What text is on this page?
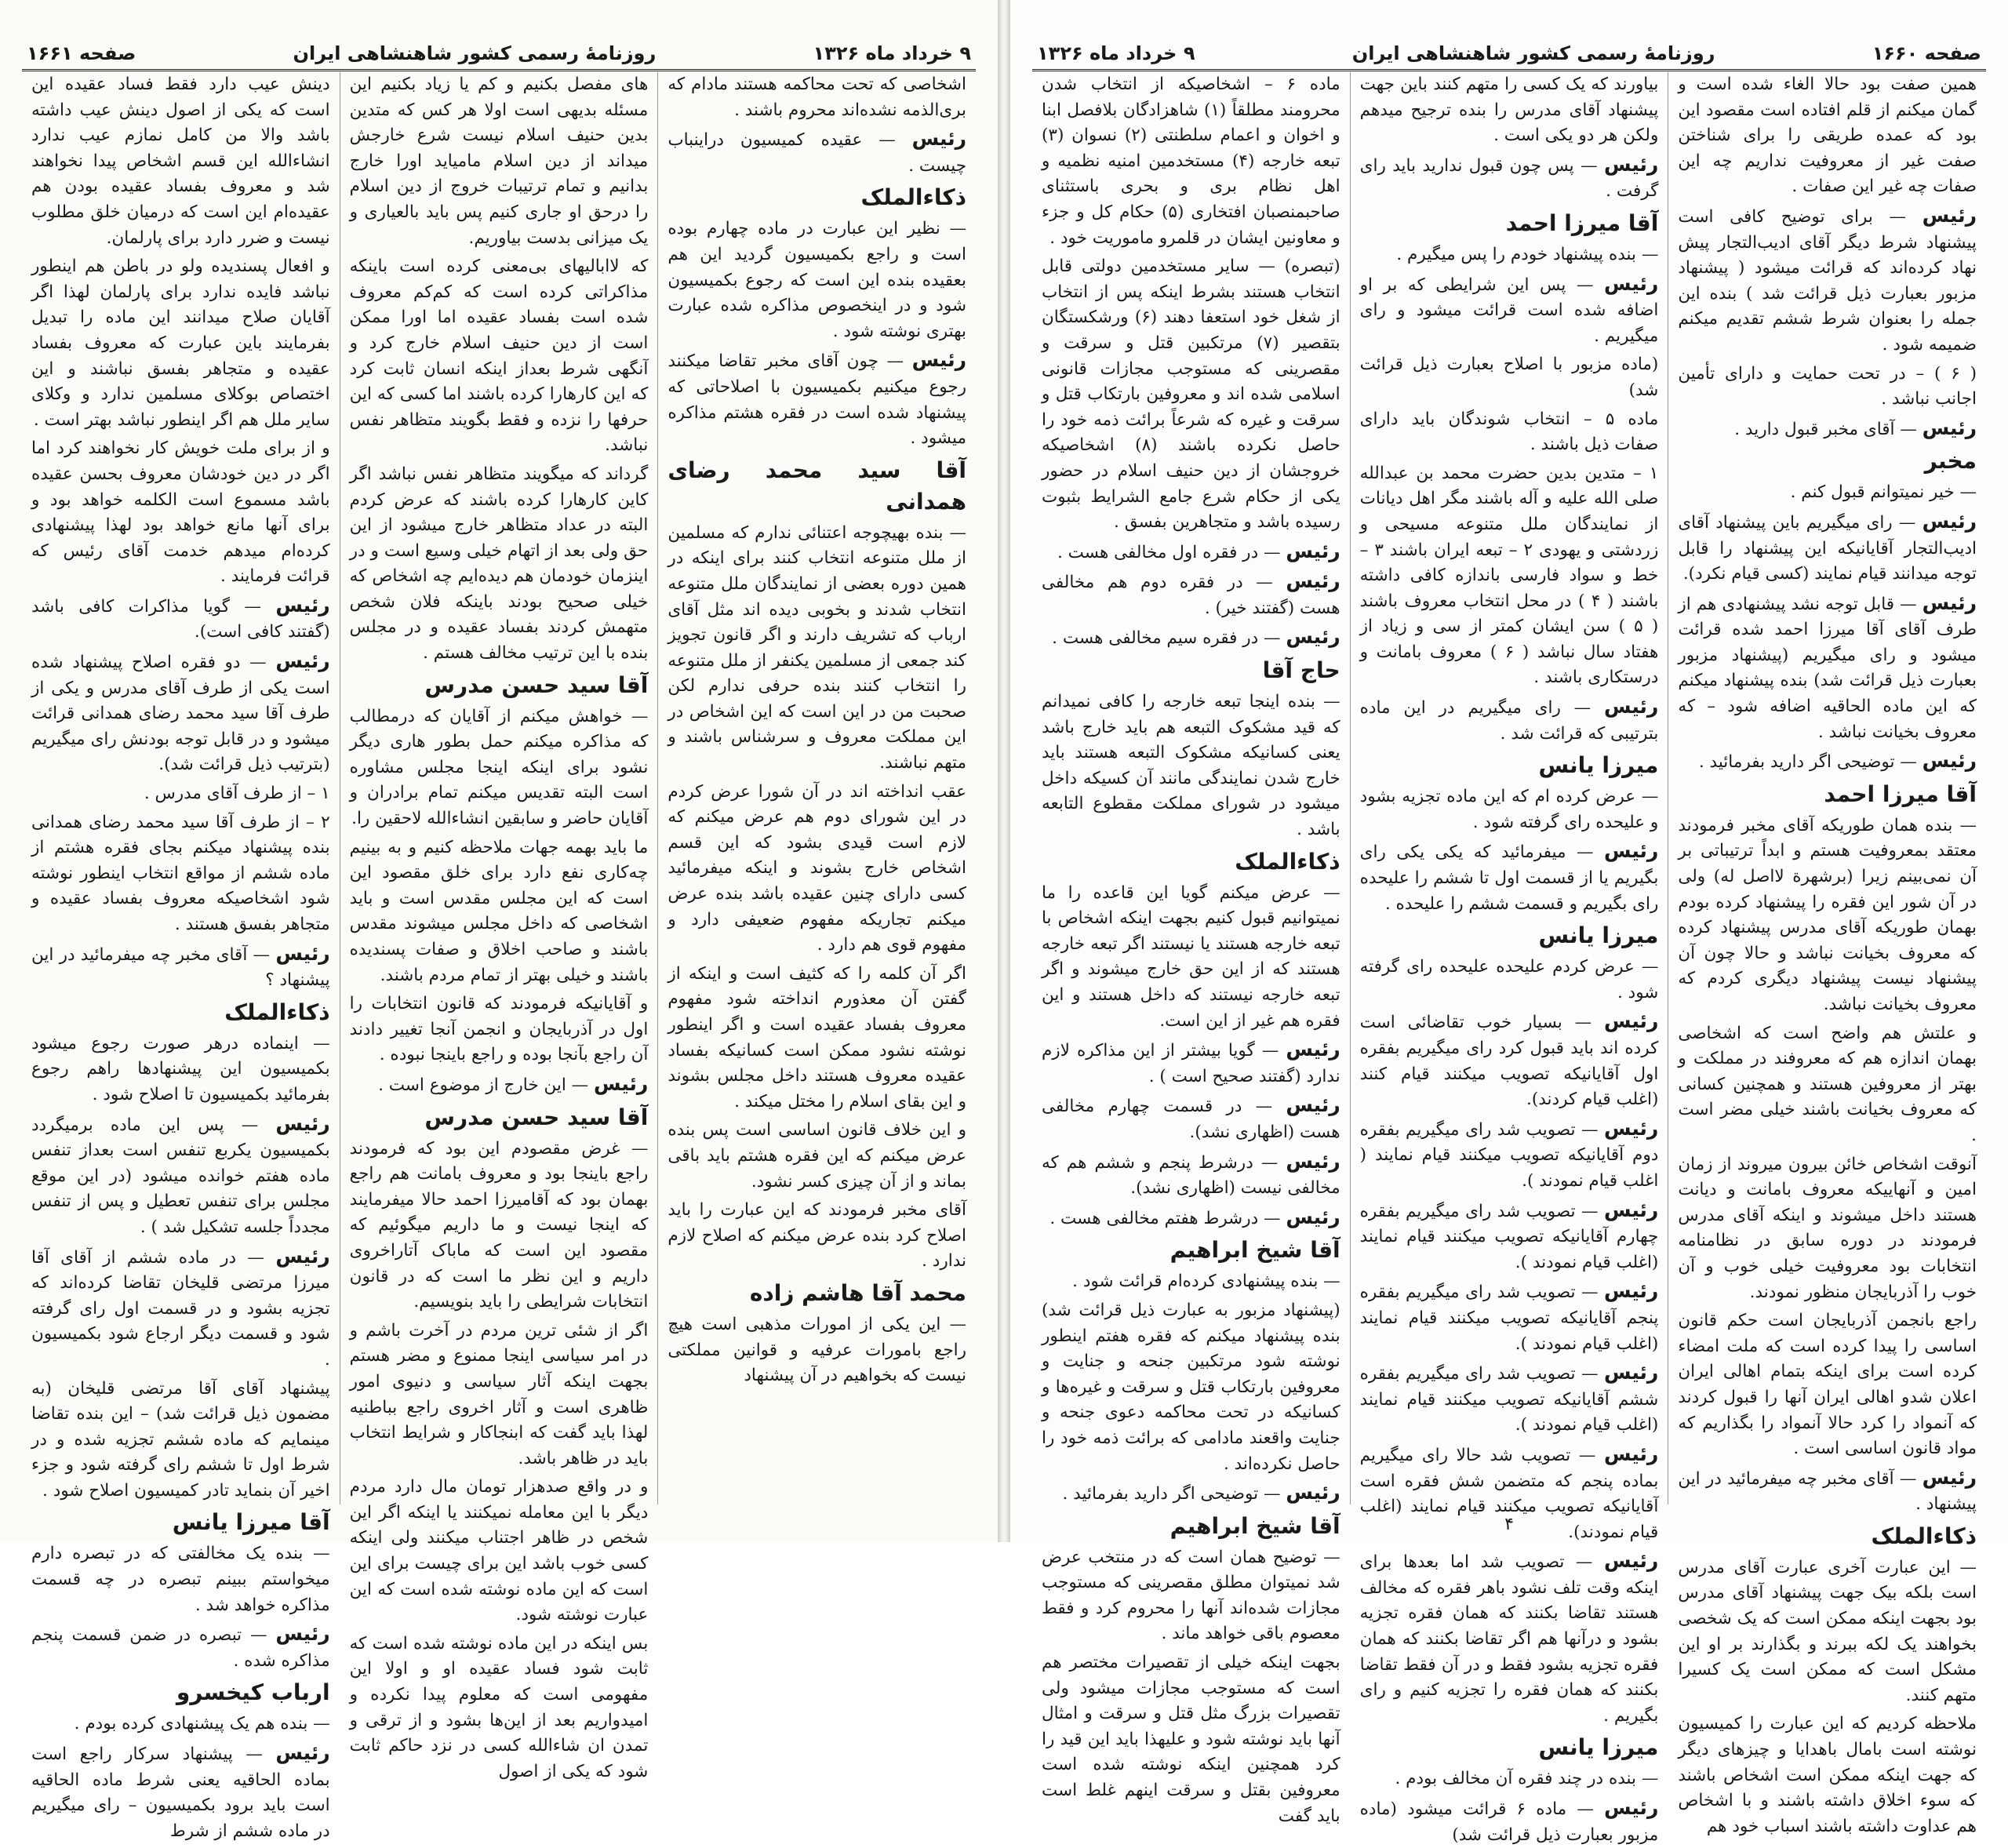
۹ خرداد ماه ۱۳۲۶
روزنامهٔ رسمی کشور شاهنشاهی ایران
صفحه ۱۶۶۱

اشخاصی که تحت محاکمه هستند مادام که بری‌الذمه نشده‌اند محروم باشند .

رئیس — عقیده کمیسیون دراینباب چیست .

ذکاءالملک

— نظیر این عبارت در ماده چهارم بوده است و راجع بکمیسیون گردید این هم بعقیده بنده این است که رجوع بکمیسیون شود و در اینخصوص مذاکره شده عبارت بهتری نوشته شود .

رئیس — چون آقای مخبر تقاضا میکنند رجوع میکنیم بکمیسیون با اصلاحاتی که پیشنهاد شده است در فقره هشتم مذاکره میشود .

آقا سید محمد رضای همدانی

— بنده بهیچوجه اعتنائی ندارم که مسلمین از ملل متنوعه انتخاب کنند برای اینکه در همین دوره بعضی از نمایندگان ملل متنوعه انتخاب شدند و بخوبی دیده اند مثل آقای ارباب که تشریف دارند و اگر قانون تجویز کند جمعی از مسلمین یکنفر از ملل متنوعه را انتخاب کنند بنده حرفی ندارم لکن صحبت من در این است که این اشخاص در این مملکت معروف و سرشناس باشند و متهم نباشند.

عقب انداخته اند در آن شورا عرض کردم در این شورای دوم هم عرض میکنم که لازم است قیدی بشود که این قسم اشخاص خارج بشوند و اینکه میفرمائید کسی دارای چنین عقیده باشد بنده عرض میکنم تجاریکه مفهوم ضعیفی دارد و مفهوم قوی هم دارد .

اگر آن کلمه را که کثیف است و اینکه از گفتن آن معذورم انداخته شود مفهوم معروف بفساد عقیده است و اگر اینطور نوشته نشود ممکن است کسانیکه بفساد عقیده معروف هستند داخل مجلس بشوند و این بقای اسلام را مختل میکند .

و این خلاف قانون اساسی است پس بنده عرض میکنم که این فقره هشتم باید باقی بماند و از آن چیزی کسر نشود.

آقای مخبر فرمودند که این عبارت را باید اصلاح کرد بنده عرض میکنم که اصلاح لازم ندارد .

محمد آقا هاشم زاده

— این یکی از امورات مذهبی است هیچ راجع بامورات عرفیه و قوانین مملکتی نیست که بخواهیم در آن پیشنهاد

های مفصل بکنیم و کم یا زیاد بکنیم این مسئله بدیهی است اولا هر کس که متدین بدین حنیف اسلام نیست شرع خارجش میداند از دین اسلام مامیاید اورا خارج بدانیم و تمام ترتیبات خروج از دین اسلام را درحق او جاری کنیم پس باید بالعیاری و یک میزانی بدست بیاوریم.

که لاابالیهای بی‌معنی کرده است باینکه مذاکراتی کرده است که کم‌کم معروف شده است بفساد عقیده اما اورا ممکن است از دین حنیف اسلام خارج کرد و آنگهی شرط بعداز اینکه انسان ثابت کرد که این کارهارا کرده باشند اما کسی که این حرفها را نزده و فقط بگویند متظاهر نفس نباشد.

گرداند که میگویند متظاهر نفس نباشد اگر کاین کارهارا کرده باشند که عرض کردم البته در عداد متظاهر خارج میشود از این حق ولی بعد از اتهام خیلی وسیع است و در اینزمان خودمان هم دیده‌ایم چه اشخاص که خیلی صحیح بودند باینکه فلان شخص متهمش کردند بفساد عقیده و در مجلس بنده با این ترتیب مخالف هستم .

آقا سید حسن مدرس

— خواهش میکنم از آقایان که درمطالب که مذاکره میکنم حمل بطور هاری دیگر نشود برای اینکه اینجا مجلس مشاوره است البته تقدیس میکنم تمام برادران و آقایان حاضر و سابقین انشاءالله لاحقین را.

ما باید بهمه جهات ملاحظه کنیم و به بینیم چه‌کاری نفع دارد برای خلق مقصود این است که این مجلس مقدس است و باید اشخاصی که داخل مجلس میشوند مقدس باشند و صاحب اخلاق و صفات پسندیده باشند و خیلی بهتر از تمام مردم باشند.

و آقایانیکه فرمودند که قانون انتخابات را اول در آذربایجان و انجمن آنجا تغییر دادند آن راجع بآنجا بوده و راجع باینجا نبوده .

رئیس — این خارج از موضوع است .

آقا سید حسن مدرس

— غرض مقصودم این بود که فرمودند راجع باینجا بود و معروف بامانت هم راجع بهمان بود که آقامیرزا احمد حالا میفرمایند که اینجا نیست و ما داریم میگوئیم که مقصود این است که ماباک آتاراخروی داریم و این نظر ما است که در قانون انتخابات شرایطی را باید بنویسیم.

اگر از شئی ترین مردم در آخرت باشم و در امر سیاسی اینجا ممنوع و مضر هستم بجهت اینکه آثار سیاسی و دنیوی امور ظاهری است و آثار اخروی راجع بباطنیه لهذا باید گفت که ابنجاکار و شرایط انتخاب باید در ظاهر باشد.

و در واقع صدهزار تومان مال دارد مردم دیگر با این معامله نمیکنند یا اینکه اگر این شخص در ظاهر اجتناب میکنند ولی اینکه کسی خوب باشد این برای چیست برای این است که این ماده نوشته شده است که این عبارت نوشته شود.

بس اینکه در این ماده نوشته شده است که ثابت شود فساد عقیده او و اولا این مفهومی است که معلوم پیدا نکرده و امیدواریم بعد از این‌ها بشود و از ترقی و تمدن ان شاءالله کسی در نزد حاکم ثابت شود که یکی از اصول

دینش عیب دارد فقط فساد عقیده این است که یکی از اصول دینش عیب داشته باشد والا من کامل نمازم عیب ندارد انشاءالله این قسم اشخاص پیدا نخواهند شد و معروف بفساد عقیده بودن هم عقیده‌ام این است که درمیان خلق مطلوب نیست و ضرر دارد برای پارلمان.

و افعال پسندیده ولو در باطن هم اینطور نباشد فایده ندارد برای پارلمان لهذا اگر آقایان صلاح میدانند این ماده را تبدیل بفرمایند باین عبارت که معروف بفساد عقیده و متجاهر بفسق نباشند و این اختصاص بوکلای مسلمین ندارد و وکلای سایر ملل هم اگر اینطور نباشد بهتر است .

و از برای ملت خویش کار نخواهند کرد اما اگر در دین خودشان معروف بحسن عقیده باشد مسموع است الکلمه خواهد بود و برای آنها مانع خواهد بود لهذا پیشنهادی کرده‌ام میدهم خدمت آقای رئیس که قرائت فرمایند .

رئیس — گویا مذاکرات کافی باشد (گفتند کافی است).

رئیس — دو فقره اصلاح پیشنهاد شده است یکی از طرف آقای مدرس و یکی از طرف آقا سید محمد رضای همدانی قرائت میشود و در قابل توجه بودنش رای میگیریم (بترتیب ذیل قرائت شد).

۱ – از طرف آقای مدرس .

۲ – از طرف آقا سید محمد رضای همدانی بنده پیشنهاد میکنم بجای فقره هشتم از ماده ششم از مواقع انتخاب اینطور نوشته شود اشخاصیکه معروف بفساد عقیده و متجاهر بفسق هستند .

رئیس — آقای مخبر چه میفرمائید در این پیشنهاد ؟

ذکاءالملک

— اینماده درهر صورت رجوع میشود بکمیسیون این پیشنهادها راهم رجوع بفرمائید بکمیسیون تا اصلاح شود .

رئیس — پس این ماده برمیگردد بکمیسیون یکربع تنفس است بعداز تنفس ماده هفتم خوانده میشود (در این موقع مجلس برای تنفس تعطیل و پس از تنفس مجدداً جلسه تشکیل شد ) .

رئیس — در ماده ششم از آقای آقا میرزا مرتضی قلیخان تقاضا کرده‌اند که تجزیه بشود و در قسمت اول رای گرفته شود و قسمت دیگر ارجاع شود بکمیسیون .

پیشنهاد آقای آقا مرتضی قلیخان (به مضمون ذیل قرائت شد) – این بنده تقاضا مینمایم که ماده ششم تجزیه شده و در شرط اول تا ششم رای گرفته شود و جزء اخیر آن بنماید تادر کمیسیون اصلاح شود .

آقا میرزا یانس

— بنده یک مخالفتی که در تبصره دارم میخواستم ببینم تبصره در چه قسمت مذاکره خواهد شد .

رئیس — تبصره در ضمن قسمت پنجم مذاکره شده .

ارباب کیخسرو

— بنده هم یک پیشنهادی کرده بودم .

رئیس — پیشنهاد سرکار راجع است بماده الحاقیه یعنی شرط ماده الحاقیه است باید برود بکمیسیون – رای میگیریم در ماده ششم از شرط

صفحه ۱۶۶۰
روزنامهٔ رسمی کشور شاهنشاهی ایران
۹ خرداد ماه ۱۳۲۶

همین صفت بود حالا الغاء شده است و گمان میکنم از قلم افتاده است مقصود این بود که عمده طریقی را برای شناختن صفت غیر از معروفیت نداریم چه این صفات چه غیر این صفات .

رئیس — برای توضیح کافی است پیشنهاد شرط دیگر آقای ادیب‌التجار پیش نهاد کرده‌اند که قرائت میشود ( پیشنهاد مزبور بعبارت ذیل قرائت شد ) بنده این جمله را بعنوان شرط ششم تقدیم میکنم ضمیمه شود .

( ۶ ) – در تحت حمایت و دارای تأمین اجانب نباشد .

رئیس — آقای مخبر قبول دارید .

مخبر

— خیر نمیتوانم قبول کنم .

رئیس — رای میگیریم باین پیشنهاد آقای ادیب‌التجار آقایانیکه این پیشنهاد را قابل توجه میدانند قیام نمایند (کسی قیام نکرد).

رئیس — قابل توجه نشد پیشنهادی هم از طرف آقای آقا میرزا احمد شده قرائت میشود و رای میگیریم (پیشنهاد مزبور بعبارت ذیل قرائت شد) بنده پیشنهاد میکنم که این ماده الحاقیه اضافه شود – که معروف بخیانت نباشد .

رئیس — توضیحی اگر دارید بفرمائید .

آقا میرزا احمد

— بنده همان طوریکه آقای مخبر فرمودند معتقد بمعروفیت هستم و ابداً ترتیباتی بر آن نمی‌بینم زیرا (برشهرة لااصل له) ولی در آن شور این فقره را پیشنهاد کرده بودم بهمان طوریکه آقای مدرس پیشنهاد کرده که معروف بخیانت نباشد و حالا چون آن پیشنهاد نیست پیشنهاد دیگری کردم که معروف بخیانت نباشد.

و علتش هم واضح است که اشخاصی بهمان اندازه هم که معروفند در مملکت و بهتر از معروفین هستند و همچنین کسانی که معروف بخیانت باشند خیلی مضر است .

آنوقت اشخاص خائن بیرون میروند از زمان امین و آنهاییکه معروف بامانت و دیانت هستند داخل میشوند و اینکه آقای مدرس فرمودند در دوره سابق در نظامنامه انتخابات بود معروفیت خیلی خوب و آن خوب را آذربایجان منظور نمودند.

راجع بانجمن آذربایجان است حکم قانون اساسی را پیدا کرده است که ملت امضاء کرده است برای اینکه بتمام اهالی ایران اعلان شدو اهالی ایران آنها را قبول کردند که آنمواد را کرد حالا آنمواد را بگذاریم که مواد قانون اساسی است .

رئیس — آقای مخبر چه میفرمائید در این پیشنهاد .

ذکاءالملک

— این عبارت آخری عبارت آقای مدرس است بلکه بیک جهت پیشنهاد آقای مدرس بود بجهت اینکه ممکن است که یک شخصی بخواهند یک لکه ببرند و بگذارند بر او این مشکل است که ممکن است یک کسیرا متهم کنند.

ملاحظه کردیم که این عبارت را کمیسیون نوشته است بامال باهدایا و چیزهای دیگر که جهت اینکه ممکن است اشخاص باشند که سوء اخلاق داشته باشند و با اشخاص هم عداوت داشته باشند اسباب خود هم

بیاورند که یک کسی را متهم کنند باین جهت پیشنهاد آقای مدرس را بنده ترجیح میدهم ولکن هر دو یکی است .

رئیس — پس چون قبول ندارید باید رای گرفت .

آقا میرزا احمد

— بنده پیشنهاد خودم را پس میگیرم .

رئیس — پس این شرایطی که بر او اضافه شده است قرائت میشود و رای میگیریم .

(ماده مزبور با اصلاح بعبارت ذیل قرائت شد)

ماده ۵ – انتخاب شوندگان باید دارای صفات ذیل باشند .

۱ – متدین بدین حضرت محمد بن عبدالله صلی الله علیه و آله باشند مگر اهل دیانات از نمایندگان ملل متنوعه مسیحی و زردشتی و یهودی ۲ – تبعه ایران باشند ۳ – خط و سواد فارسی باندازه کافی داشته باشند ( ۴ ) در محل انتخاب معروف باشند ( ۵ ) سن ایشان کمتر از سی و زیاد از هفتاد سال نباشد ( ۶ ) معروف بامانت و درستکاری باشند .

رئیس — رای میگیریم در این ماده بترتیبی که قرائت شد .

میرزا یانس

— عرض کرده ام که این ماده تجزیه بشود و علیحده رای گرفته شود .

رئیس — میفرمائید که یکی یکی رای بگیریم یا از قسمت اول تا ششم را علیحده رای بگیریم و قسمت ششم را علیحده .

میرزا یانس

— عرض کردم علیحده علیحده رای گرفته شود .

رئیس — بسیار خوب تقاضائی است کرده اند باید قبول کرد رای میگیریم بفقره اول آقایانیکه تصویب میکنند قیام کنند (اغلب قیام کردند).

رئیس — تصویب شد رای میگیریم بفقره دوم آقایانیکه تصویب میکنند قیام نمایند ( اغلب قیام نمودند ).

رئیس — تصویب شد رای میگیریم بفقره چهارم آقایانیکه تصویب میکنند قیام نمایند (اغلب قیام نمودند ).

رئیس — تصویب شد رای میگیریم بفقره پنجم آقایانیکه تصویب میکنند قیام نمایند (اغلب قیام نمودند ).

رئیس — تصویب شد رای میگیریم بفقره ششم آقایانیکه تصویب میکنند قیام نمایند (اغلب قیام نمودند ).

رئیس — تصویب شد حالا رای میگیریم بماده پنجم که متضمن شش فقره است آقایانیکه تصویب میکنند قیام نمایند (اغلب قیام نمودند).

رئیس — تصویب شد اما بعدها برای اینکه وقت تلف نشود باهر فقره که مخالف هستند تقاضا بکنند که همان فقره تجزیه بشود و درآنها هم اگر تقاضا بکنند که همان فقره تجزیه بشود فقط و در آن فقط تقاضا بکنند که همان فقره را تجزیه کنیم و رای بگیریم .

میرزا یانس

— بنده در چند فقره آن مخالف بودم .

رئیس — ماده ۶ قرائت میشود (ماده مزبور بعبارت ذیل قرائت شد)

ماده ۶ – اشخاصیکه از انتخاب شدن محرومند مطلقاً (۱) شاهزادگان بلافصل ابنا و اخوان و اعمام سلطنتی (۲) نسوان (۳) تبعه خارجه (۴) مستخدمین امنیه نظمیه و اهل نظام بری و بحری باستثنای صاحبمنصبان افتخاری (۵) حکام کل و جزء و معاونین ایشان در قلمرو ماموریت خود .

(تبصره) — سایر مستخدمین دولتی قابل انتخاب هستند بشرط اینکه پس از انتخاب از شغل خود استعفا دهند (۶) ورشکستگان بتقصیر (۷) مرتکبین قتل و سرقت و مقصرینی که مستوجب مجازات قانونی اسلامی شده اند و معروفین بارتکاب قتل و سرقت و غیره که شرعاً برائت ذمه خود را حاصل نکرده باشند (۸) اشخاصیکه خروجشان از دین حنیف اسلام در حضور یکی از حکام شرع جامع الشرایط بثبوت رسیده باشد و متجاهرین بفسق .

رئیس — در فقره اول مخالفی هست .

رئیس — در فقره دوم هم مخالفی هست (گفتند خیر) .

رئیس — در فقره سیم مخالفی هست .

حاج آقا

— بنده اینجا تبعه خارجه را کافی نمیدانم که قید مشکوک التبعه هم باید خارج باشد یعنی کسانیکه مشکوک التبعه هستند باید خارج شدن نمایندگی مانند آن کسیکه داخل میشود در شورای مملکت مقطوع التابعه باشد .

ذکاءالملک

— عرض میکنم گویا این قاعده را ما نمیتوانیم قبول کنیم بجهت اینکه اشخاص با تبعه خارجه هستند یا نیستند اگر تبعه خارجه هستند که از این حق خارج میشوند و اگر تبعه خارجه نیستند که داخل هستند و این فقره هم غیر از این است.

رئیس — گویا بیشتر از این مذاکره لازم ندارد (گفتند صحیح است ) .

رئیس — در قسمت چهارم مخالفی هست (اظهاری نشد).

رئیس — درشرط پنجم و ششم هم که مخالفی نیست (اظهاری نشد).

رئیس — درشرط هفتم مخالفی هست .

آقا شیخ ابراهیم

— بنده پیشنهادی کرده‌ام قرائت شود .

(پیشنهاد مزبور به عبارت ذیل قرائت شد) بنده پیشنهاد میکنم که فقره هفتم اینطور نوشته شود مرتکبین جنحه و جنایت و معروفین بارتکاب قتل و سرقت و غیره‌ها و کسانیکه در تحت محاکمه دعوی جنحه و جنایت واقعند مادامی که برائت ذمه خود را حاصل نکرده‌اند .

رئیس — توضیحی اگر دارید بفرمائید .

آقا شیخ ابراهیم

— توضیح همان است که در منتخب عرض شد نمیتوان مطلق مقصرینی که مستوجب مجازات شده‌اند آنها را محروم کرد و فقط معصوم باقی خواهد ماند .

بجهت اینکه خیلی از تقصیرات مختصر هم است که مستوجب مجازات میشود ولی تقصیرات بزرگ مثل قتل و سرقت و امثال آنها باید نوشته شود و علیهذا باید این قید را کرد همچنین اینکه نوشته شده است معروفین بقتل و سرقت اینهم غلط است باید گفت

۴
